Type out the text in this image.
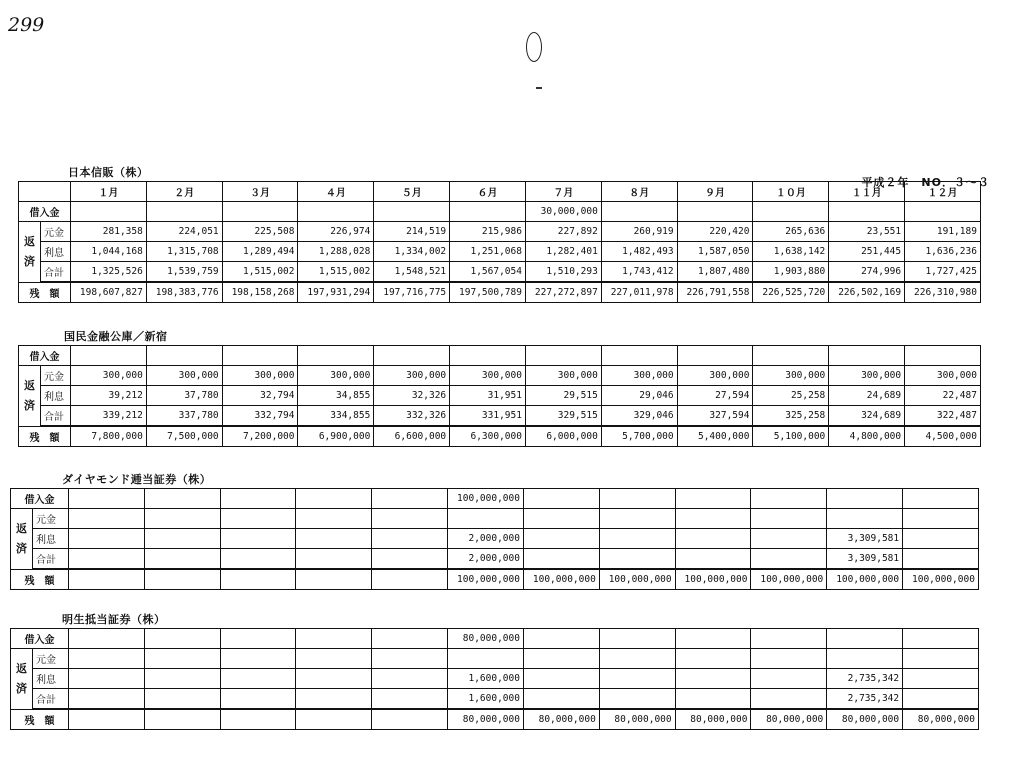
299
平成２年　NO．３〜３
日本信販（株）
		１月	２月	３月	４月	５月	６月	７月	８月	９月	１０月	１１月	１２月
借入金								30,000,000					
返済	元金	281,358	224,051	225,508	226,974	214,519	215,986	227,892	260,919	220,420	265,636	23,551	191,189
	利息	1,044,168	1,315,708	1,289,494	1,288,028	1,334,002	1,251,068	1,282,401	1,482,493	1,587,050	1,638,142	251,445	1,636,236
	合計	1,325,526	1,539,759	1,515,002	1,515,002	1,548,521	1,567,054	1,510,293	1,743,412	1,807,480	1,903,880	274,996	1,727,425
残　額		198,607,827	198,383,776	198,158,268	197,931,294	197,716,775	197,500,789	227,272,897	227,011,978	226,791,558	226,525,720	226,502,169	226,310,980
国民金融公庫／新宿
借入金													
返済	元金	300,000	300,000	300,000	300,000	300,000	300,000	300,000	300,000	300,000	300,000	300,000	300,000
	利息	39,212	37,780	32,794	34,855	32,326	31,951	29,515	29,046	27,594	25,258	24,689	22,487
	合計	339,212	337,780	332,794	334,855	332,326	331,951	329,515	329,046	327,594	325,258	324,689	322,487
残　額		7,800,000	7,500,000	7,200,000	6,900,000	6,600,000	6,300,000	6,000,000	5,700,000	5,400,000	5,100,000	4,800,000	4,500,000
ダイヤモンド逓当証券（株）
借入金							100,000,000						
返済	元金												
	利息						2,000,000					3,309,581	
	合計						2,000,000					3,309,581	
残　額							100,000,000	100,000,000	100,000,000	100,000,000	100,000,000	100,000,000	100,000,000
明生抵当証券（株）
借入金							80,000,000						
返済	元金												
	利息						1,600,000					2,735,342	
	合計						1,600,000					2,735,342	
残　額							80,000,000	80,000,000	80,000,000	80,000,000	80,000,000	80,000,000	80,000,000
